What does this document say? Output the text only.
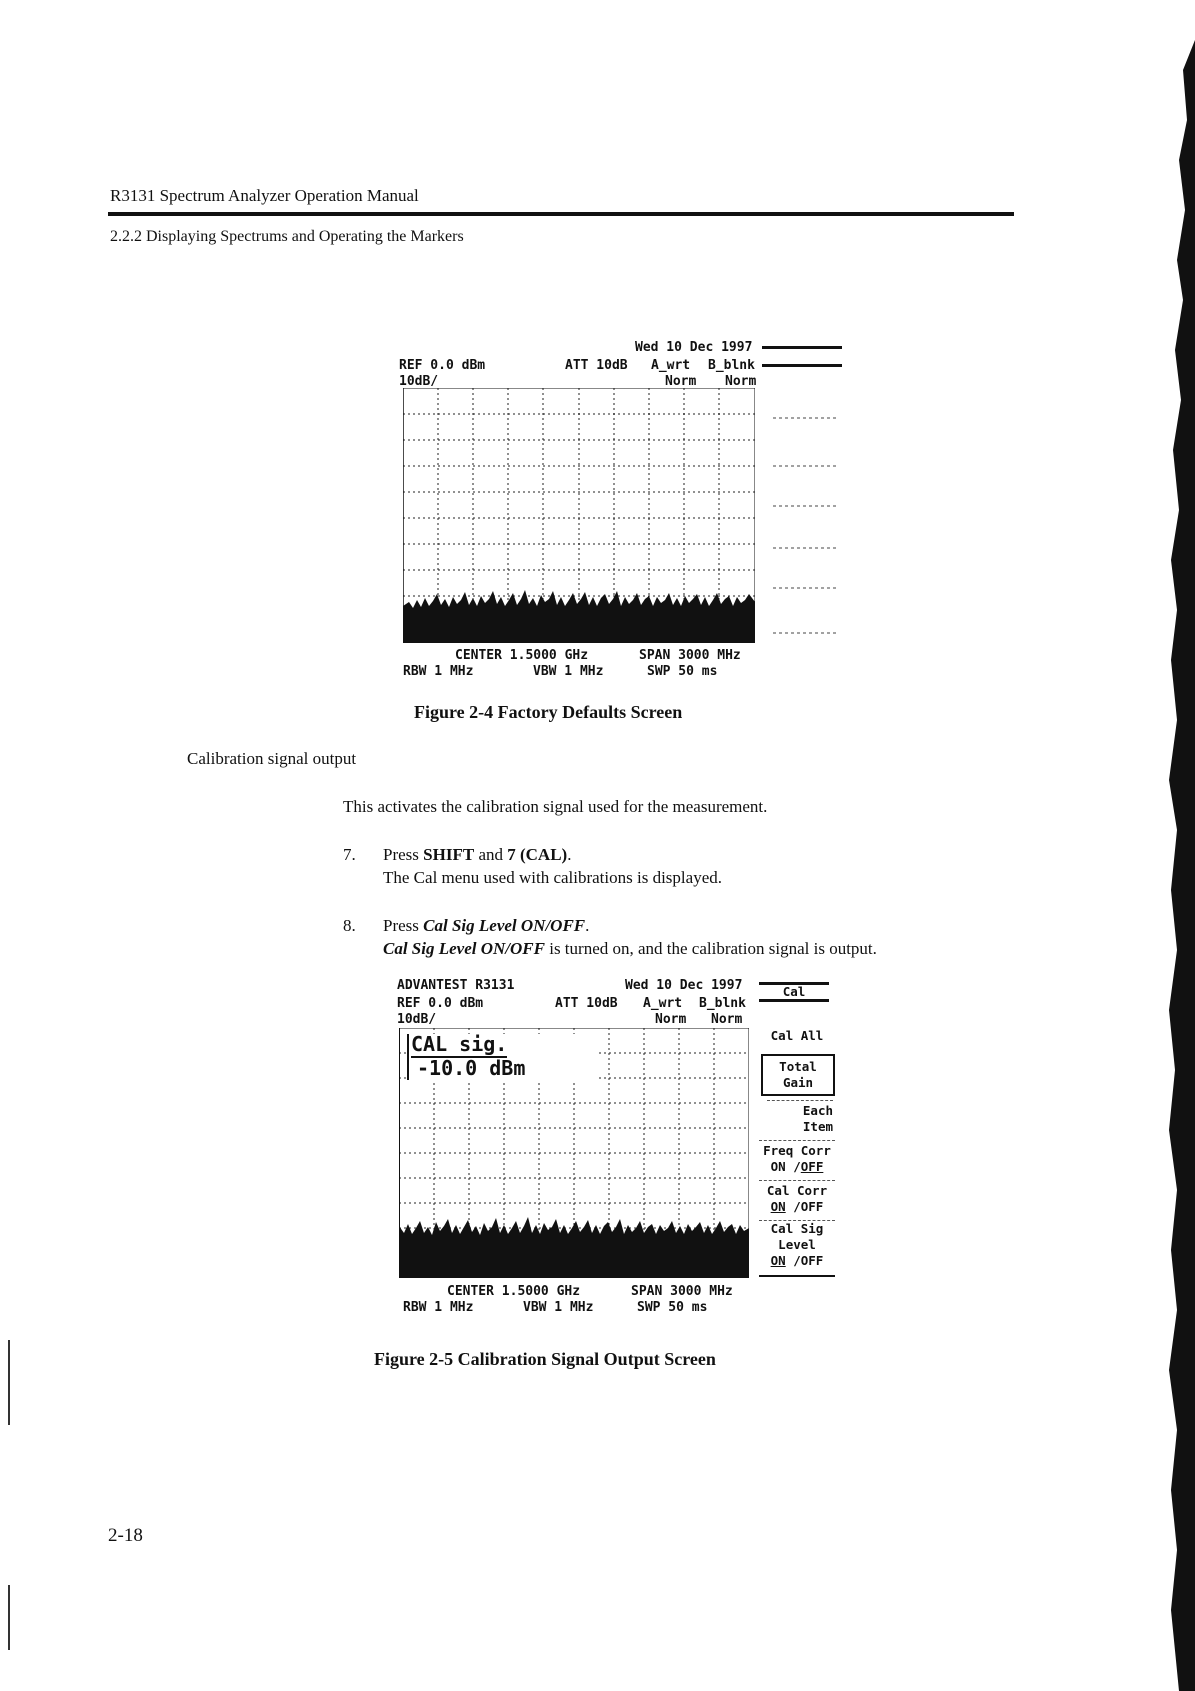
R3131 Spectrum Analyzer Operation Manual
2.2.2 Displaying Spectrums and Operating the Markers
Wed 10 Dec 1997
REF 0.0 dBm	ATT 10dB A_wrt B_blnk
10dB/	Norm Norm
CENTER 1.5000 GHz	SPAN 3000 MHz
RBW 1 MHz	VBW 1 MHz	SWP 50 ms
Figure 2-4 Factory Defaults Screen
Calibration signal output
This activates the calibration signal used for the measurement.
7. Press SHIFT and 7 (CAL).
The Cal menu used with calibrations is displayed.
8. Press Cal Sig Level ON/OFF.
Cal Sig Level ON/OFF is turned on, and the calibration signal is output.
ADVANTEST R3131	Wed 10 Dec 1997	Cal
REF 0.0 dBm	ATT 10dB A_wrt B_blnk
10dB/	Norm Norm
CAL sig.
-10.0 dBm
Cal All
Total
Gain
Each
Item
Freq Corr
ON /OFF
Cal Corr
ON /OFF
Cal Sig
Level
ON /OFF
CENTER 1.5000 GHz	SPAN 3000 MHz
RBW 1 MHz	VBW 1 MHz	SWP 50 ms
Figure 2-5 Calibration Signal Output Screen
2-18
